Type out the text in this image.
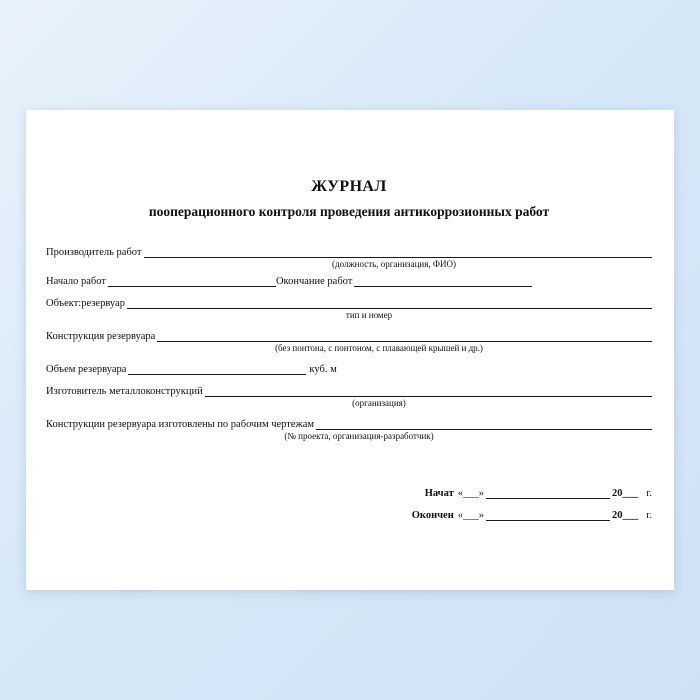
ЖУРНАЛ
пооперационного контроля проведения антикоррозионных работ
Производитель работ
(должность, организация, ФИО)
Начало работ	Окончание работ
Объект:резервуар
тип и номер
Конструкция резервуара
(без понтона, с понтоном, с плавающей крышей и др.)
Объем резервуара	куб. м
Изготовитель металлоконструкций
(организация)
Конструкции резервуара изготовлены по рабочим чертежам
(№ проекта, организация-разработчик)
Начат «___»	20___ г.
Окончен «___»	20___ г.
